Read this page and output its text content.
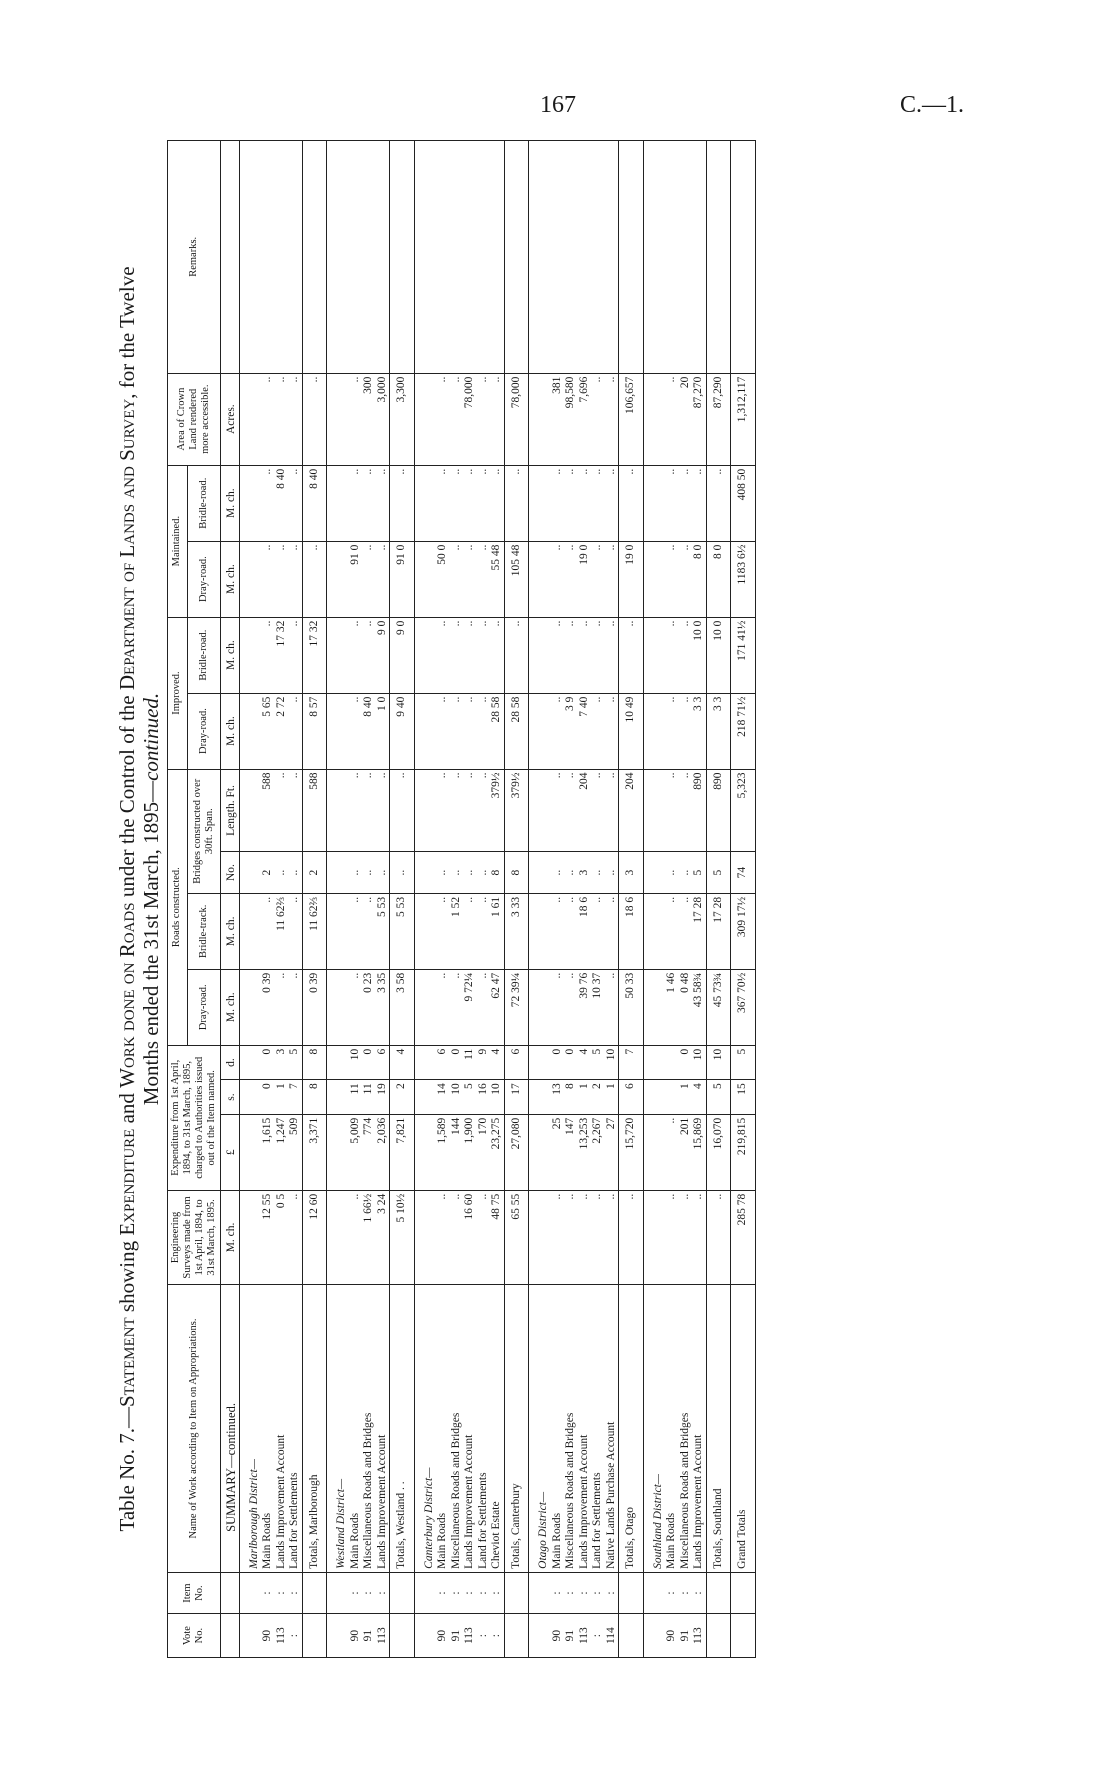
167	C.—1.
Table No. 7.—Statement showing Expenditure and Work done on Roads under the Control of the Department of Lands and Survey, for the Twelve
Months ended the 31st March, 1895—continued.
Vote No.	Item No.	Name of Work according to Item on Appropriations.	Engineering Surveys made from 1st April, 1894, to 31st March, 1895.	Expenditure from 1st April, 1894, to 31st March, 1895, charged to Authorities issued out of the Item named.			Roads constructed.				Improved.		Maintained.		Area of Crown Land rendered more accessible.	Remarks.
							Dray-road.	Bridle-track.	Bridges constructed over 30ft. Span.		Dray-road.	Bridle-road.	Dray-road.	Bridle-road.		
		SUMMARY—continued.	M. ch.	£	s.	d.	M. ch.	M. ch.	No.	Length. Ft.	M. ch.	M. ch.	M. ch.	M. ch.	Acres.	
		Marlborough District—														
90	:	Main Roads	12 55	1,615	0	0	0 39	..	2	588	5 65	..	..	..	..	
113	:	Lands Improvement Account	0 5	1,247	1	3	..	11 62⅔	..	..	2 72	17 32	..	8 40	..	
:	:	Land for Settlements	..	509	7	5	..	..	..	..	..	..	..	..	..	
		Totals, Marlborough	12 60	3,371	8	8	0 39	11 62⅔	2	588	8 57	17 32	..	8 40	..	
		Westland District—														
90	:	Main Roads	..	5,009	11	10	..	..	..	..	..	..	91 0	..	..	
91	:	Miscellaneous Roads and Bridges	1 66½	774	11	0	0 23	..	..	..	8 40	..	..	..	300	
113	:	Lands Improvement Account	3 24	2,036	19	6	3 35	5 53	..	..	1 0	9 0	..	..	3,000	
		Totals, Westland . .	5 10½	7,821	2	4	3 58	5 53	..	..	9 40	9 0	91 0	..	3,300	
		Canterbury District—														
90	:	Main Roads	..	1,589	14	6	..	..	..	..	..	..	50 0	..	..	
91	:	Miscellaneous Roads and Bridges	..	144	10	0	..	1 52	..	..	..	..	..	..	..	
113	:	Lands Improvement Account	16 60	1,900	5	11	9 72¼	..	..	..	..	..	..	..	78,000	
:	:	Land for Settlements	..	170	16	9	..	..	..	..	..	..	..	..	..	
:	:	Cheviot Estate	48 75	23,275	10	4	62 47	1 61	8	379½	28 58	..	55 48	..	..	
		Totals, Canterbury	65 55	27,080	17	6	72 39¼	3 33	8	379½	28 58	..	105 48	..	78,000	
		Otago District—														
90	:	Main Roads	..	25	13	0	..	..	..	..	..	..	..	..	381	
91	:	Miscellaneous Roads and Bridges	..	147	8	0	..	..	..	..	3 9	..	..	..	98,580	
113	:	Lands Improvement Account	..	13,253	1	4	39 76	18 6	3	204	7 40	..	19 0	..	7,696	
:	:	Land for Settlements	..	2,267	2	5	10 37	..	..	..	..	..	..	..	..	
114	:	Native Lands Purchase Account	..	27	1	10	..	..	..	..	..	..	..	..	..	
		Totals, Otago	..	15,720	6	7	50 33	18 6	3	204	10 49	..	19 0	..	106,657	
		Southland District—														
90	:	Main Roads	..	..			1 46	..	..	..	..	..	..	..	..	
91	:	Miscellaneous Roads and Bridges	..	201	1	0	0 48	..	..	..	..	..	..	..	20	
113	:	Lands Improvement Account	..	15,869	4	10	43 58¾	17 28	5	890	3 3	10 0	8 0	..	87,270	
		Totals, Southland	..	16,070	5	10	45 73¾	17 28	5	890	3 3	10 0	8 0	..	87,290	
		Grand Totals	285 78	219,815	15	5	367 70½	309 17½	74	5,323	218 71½	171 41½	1183 6½	408 50	1,312,117	
